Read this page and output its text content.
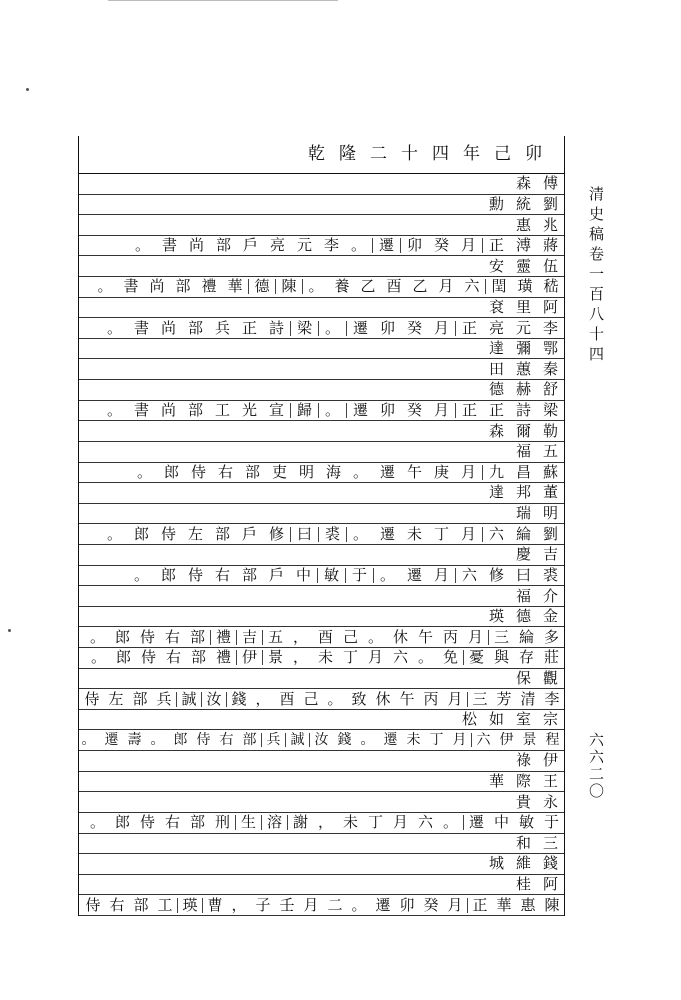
乾隆二十四年己卯
傅
森
劉
統
勳
兆
惠
蔣
溥
正
月
癸
卯
遷
。
李
元
亮
戶
部
尚
書
。
伍
靈
安
嵇
璜
閏
六
月
乙
酉
乙
養
。
陳
德
華
禮
部
尚
書
。
阿
里
袞
李
元
亮
正
月
癸
卯
遷
。
梁
詩
正
兵
部
尚
書
。
鄂
彌
達
秦
蕙
田
舒
赫
德
梁
詩
正
正
月
癸
卯
遷
。
歸
宣
光
工
部
尚
書
。
勒
爾
森
五
福
蘇
昌
九
月
庚
午
遷
。
海
明
吏
部
右
侍
郎
。
董
邦
達
明
瑞
劉
綸
六
月
丁
未
遷
。
裘
曰
修
戶
部
左
侍
郎
。
吉
慶
裘
曰
修
六
月
遷
。
于
敏
中
戶
部
右
侍
郎
。
介
福
金
德
瑛
多
綸
三
月
丙
午
休
。
己
酉
，
五
吉
禮
部
右
侍
郎
。
莊
存
與
憂
免
。
六
月
丁
未
，
景
伊
禮
部
右
侍
郎
。
觀
保
李
清
芳
三
月
丙
午
休
致
。
己
酉
，
錢
汝
誠
兵
部
左
侍
宗
室
如
松
程
景
伊
六
月
丁
未
遷
。
錢
汝
誠
兵
部
右
侍
郎
。
壽
遷
。
伊
祿
王
際
華
永
貴
于
敏
中
遷
。
六
月
丁
未
，
謝
溶
生
刑
部
右
侍
郎
。
三
和
錢
維
城
阿
桂
陳
惠
華
正
月
癸
卯
遷
。
二
月
壬
子
，
曹
瑛
工
部
右
侍
清史稿卷一百八十四
六六二〇
